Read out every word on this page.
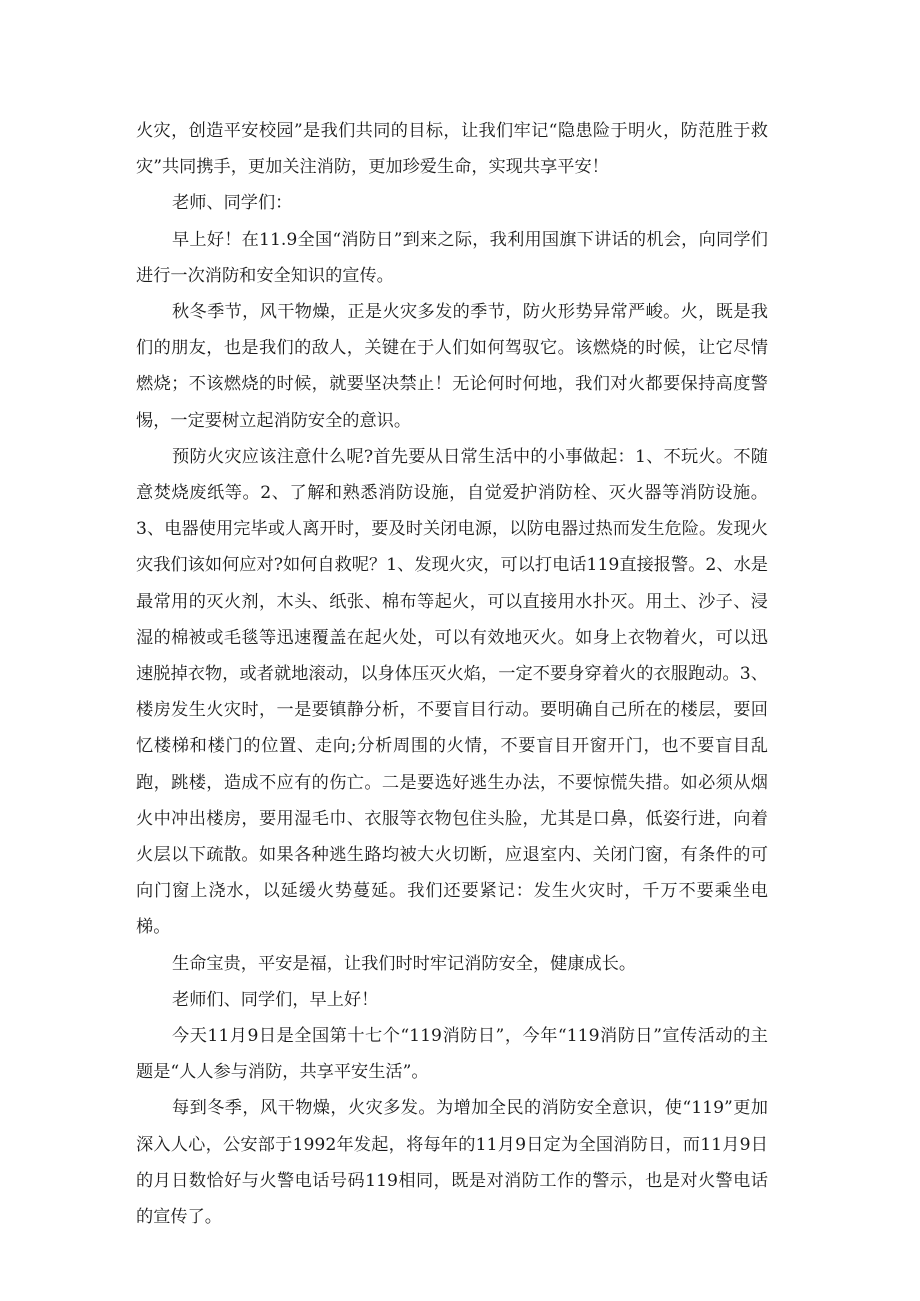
火灾，创造平安校园”是我们共同的目标，让我们牢记“隐患险于明火，防范胜于救灾”共同携手，更加关注消防，更加珍爱生命，实现共享平安！

老师、同学们：

早上好！在11.9全国“消防日”到来之际，我利用国旗下讲话的机会，向同学们进行一次消防和安全知识的宣传。

秋冬季节，风干物燥，正是火灾多发的季节，防火形势异常严峻。火，既是我们的朋友，也是我们的敌人，关键在于人们如何驾驭它。该燃烧的时候，让它尽情燃烧；不该燃烧的时候，就要坚决禁止！无论何时何地，我们对火都要保持高度警惕，一定要树立起消防安全的意识。

预防火灾应该注意什么呢?首先要从日常生活中的小事做起：1、不玩火。不随意焚烧废纸等。2、了解和熟悉消防设施，自觉爱护消防栓、灭火器等消防设施。3、电器使用完毕或人离开时，要及时关闭电源，以防电器过热而发生危险。发现火灾我们该如何应对?如何自救呢？1、发现火灾，可以打电话119直接报警。2、水是最常用的灭火剂，木头、纸张、棉布等起火，可以直接用水扑灭。用土、沙子、浸湿的棉被或毛毯等迅速覆盖在起火处，可以有效地灭火。如身上衣物着火，可以迅速脱掉衣物，或者就地滚动，以身体压灭火焰，一定不要身穿着火的衣服跑动。3、楼房发生火灾时，一是要镇静分析，不要盲目行动。要明确自己所在的楼层，要回忆楼梯和楼门的位置、走向;分析周围的火情，不要盲目开窗开门，也不要盲目乱跑，跳楼，造成不应有的伤亡。二是要选好逃生办法，不要惊慌失措。如必须从烟火中冲出楼房，要用湿毛巾、衣服等衣物包住头脸，尤其是口鼻，低姿行进，向着火层以下疏散。如果各种逃生路均被大火切断，应退室内、关闭门窗，有条件的可向门窗上浇水，以延缓火势蔓延。我们还要紧记：发生火灾时，千万不要乘坐电梯。

生命宝贵，平安是福，让我们时时牢记消防安全，健康成长。

老师们、同学们，早上好！

今天11月9日是全国第十七个“119消防日”，今年“119消防日”宣传活动的主题是“人人参与消防，共享平安生活”。

每到冬季，风干物燥，火灾多发。为增加全民的消防安全意识，使“119”更加深入人心，公安部于1992年发起，将每年的11月9日定为全国消防日，而11月9日的月日数恰好与火警电话号码119相同，既是对消防工作的警示，也是对火警电话的宣传了。
